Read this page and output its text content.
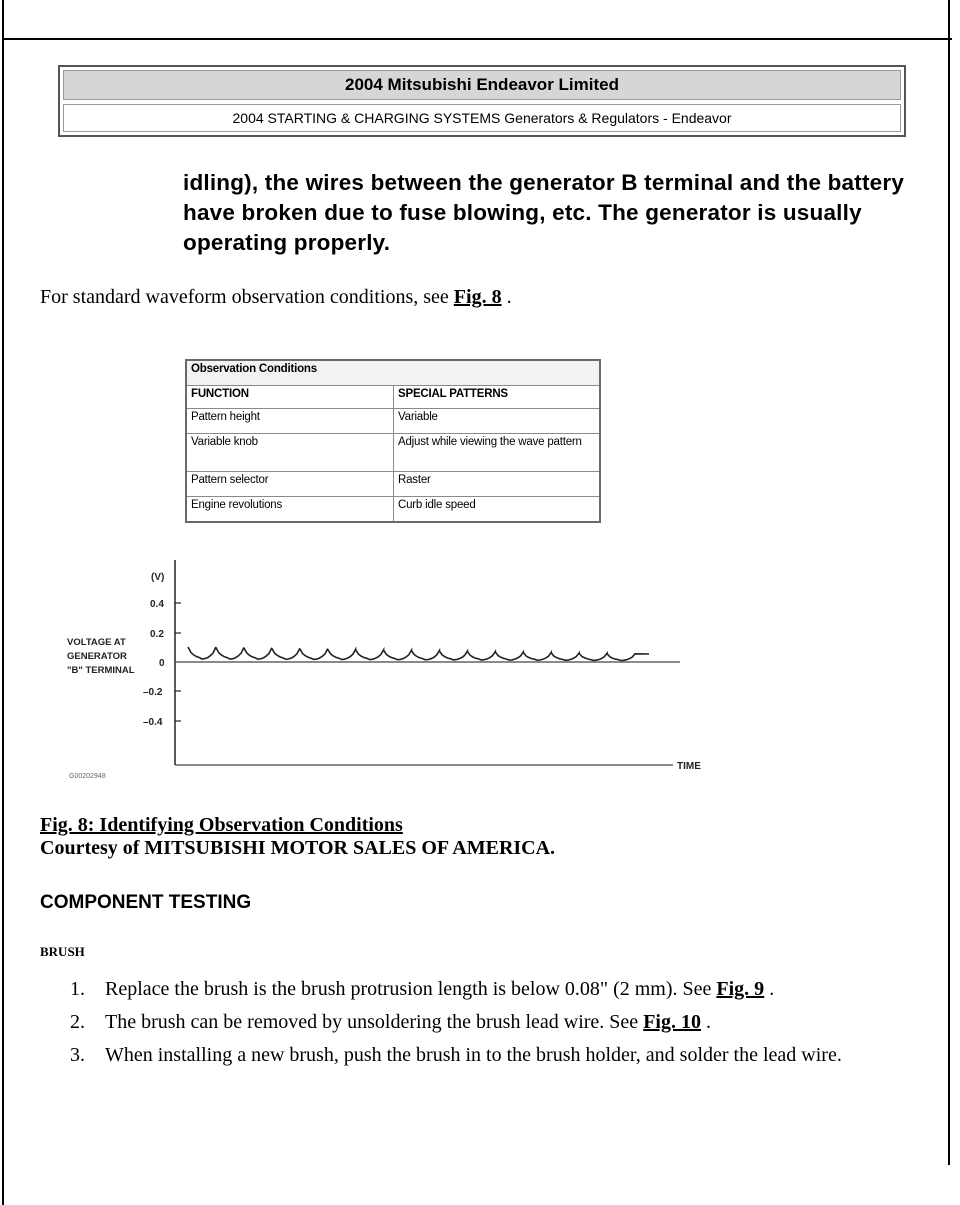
2004 Mitsubishi Endeavor Limited
2004 STARTING & CHARGING SYSTEMS Generators & Regulators - Endeavor
idling), the wires between the generator B terminal and the battery have broken due to fuse blowing, etc. The generator is usually operating properly.
For standard waveform observation conditions, see Fig. 8 .
Observation Conditions	
FUNCTION	SPECIAL PATTERNS
Pattern height	Variable
Variable knob	Adjust while viewing the wave pattern
Pattern selector	Raster
Engine revolutions	Curb idle speed
(V)
0.4
0.2
0
–0.2
–0.4
VOLTAGE AT
GENERATOR
"B" TERMINAL
TIME
G00202948
Fig. 8: Identifying Observation Conditions
Courtesy of MITSUBISHI MOTOR SALES OF AMERICA.
COMPONENT TESTING
BRUSH
1. Replace the brush is the brush protrusion length is below 0.08" (2 mm). See Fig. 9 .
2. The brush can be removed by unsoldering the brush lead wire. See Fig. 10 .
3. When installing a new brush, push the brush in to the brush holder, and solder the lead wire.
